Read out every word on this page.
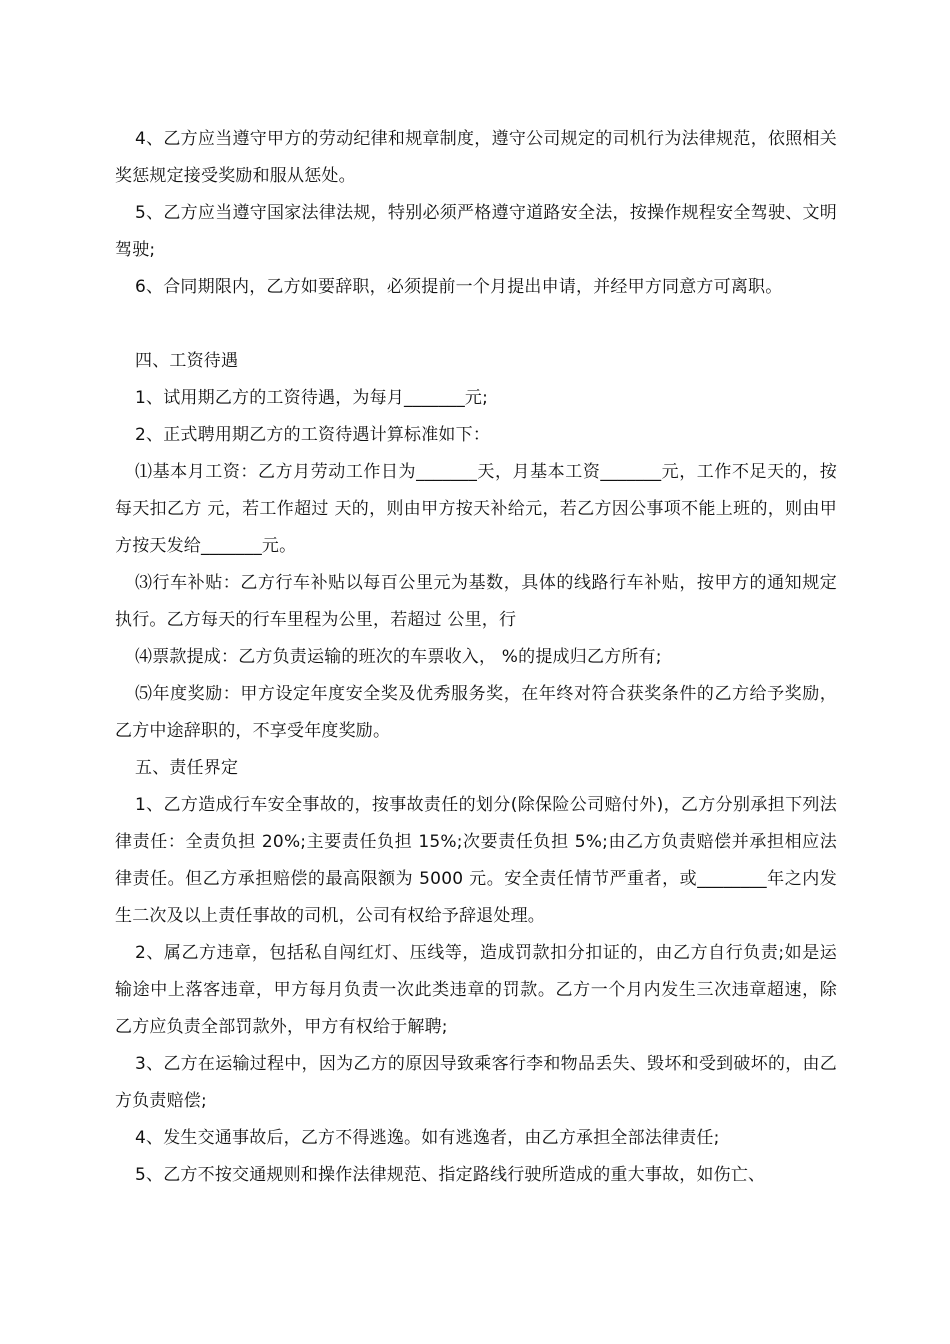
4、乙方应当遵守甲方的劳动纪律和规章制度，遵守公司规定的司机行为法律规范，依照相关奖惩规定接受奖励和服从惩处。

5、乙方应当遵守国家法律法规，特别必须严格遵守道路安全法，按操作规程安全驾驶、文明驾驶;

6、合同期限内，乙方如要辞职，必须提前一个月提出申请，并经甲方同意方可离职。

四、工资待遇

1、试用期乙方的工资待遇，为每月_______元;

2、正式聘用期乙方的工资待遇计算标准如下：

⑴基本月工资：乙方月劳动工作日为_______天，月基本工资_______元，工作不足天的，按每天扣乙方 元，若工作超过 天的，则由甲方按天补给元，若乙方因公事项不能上班的，则由甲方按天发给_______元。

⑶行车补贴：乙方行车补贴以每百公里元为基数，具体的线路行车补贴，按甲方的通知规定执行。乙方每天的行车里程为公里，若超过 公里，行

⑷票款提成：乙方负责运输的班次的车票收入， %的提成归乙方所有;

⑸年度奖励：甲方设定年度安全奖及优秀服务奖，在年终对符合获奖条件的乙方给予奖励，乙方中途辞职的，不享受年度奖励。

五、责任界定

1、乙方造成行车安全事故的，按事故责任的划分(除保险公司赔付外)，乙方分别承担下列法律责任：全责负担 20%;主要责任负担 15%;次要责任负担 5%;由乙方负责赔偿并承担相应法律责任。但乙方承担赔偿的最高限额为 5000 元。安全责任情节严重者，或________年之内发生二次及以上责任事故的司机，公司有权给予辞退处理。

2、属乙方违章，包括私自闯红灯、压线等，造成罚款扣分扣证的，由乙方自行负责;如是运输途中上落客违章，甲方每月负责一次此类违章的罚款。乙方一个月内发生三次违章超速，除乙方应负责全部罚款外，甲方有权给于解聘;

3、乙方在运输过程中，因为乙方的原因导致乘客行李和物品丢失、毁坏和受到破坏的，由乙方负责赔偿;

4、发生交通事故后，乙方不得逃逸。如有逃逸者，由乙方承担全部法律责任;

5、乙方不按交通规则和操作法律规范、指定路线行驶所造成的重大事故，如伤亡、
